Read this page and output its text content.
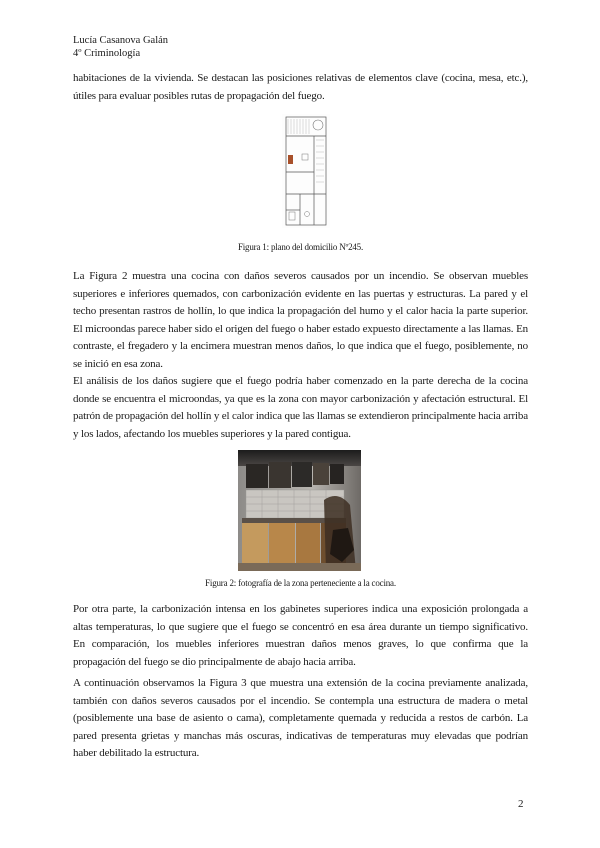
Lucía Casanova Galán
4º Criminología

habitaciones de la vivienda. Se destacan las posiciones relativas de elementos clave (cocina, mesa, etc.), útiles para evaluar posibles rutas de propagación del fuego.

Figura 1: plano del domicilio Nº245.

La Figura 2 muestra una cocina con daños severos causados por un incendio. Se observan muebles superiores e inferiores quemados, con carbonización evidente en las puertas y estructuras. La pared y el techo presentan rastros de hollín, lo que indica la propagación del humo y el calor hacia la parte superior. El microondas parece haber sido el origen del fuego o haber estado expuesto directamente a las llamas. En contraste, el fregadero y la encimera muestran menos daños, lo que indica que el fuego, posiblemente, no se inició en esa zona.

El análisis de los daños sugiere que el fuego podría haber comenzado en la parte derecha de la cocina donde se encuentra el microondas, ya que es la zona con mayor carbonización y afectación estructural. El patrón de propagación del hollín y el calor indica que las llamas se extendieron principalmente hacia arriba y los lados, afectando los muebles superiores y la pared contigua.

Figura 2: fotografía de la zona perteneciente a la cocina.

Por otra parte, la carbonización intensa en los gabinetes superiores indica una exposición prolongada a altas temperaturas, lo que sugiere que el fuego se concentró en esa área durante un tiempo significativo. En comparación, los muebles inferiores muestran daños menos graves, lo que confirma que la propagación del fuego se dio principalmente de abajo hacia arriba.

A continuación observamos la Figura 3 que muestra una extensión de la cocina previamente analizada, también con daños severos causados por el incendio. Se contempla una estructura de madera o metal (posiblemente una base de asiento o cama), completamente quemada y reducida a restos de carbón. La pared presenta grietas y manchas más oscuras, indicativas de temperaturas muy elevadas que podrían haber debilitado la estructura.

2
